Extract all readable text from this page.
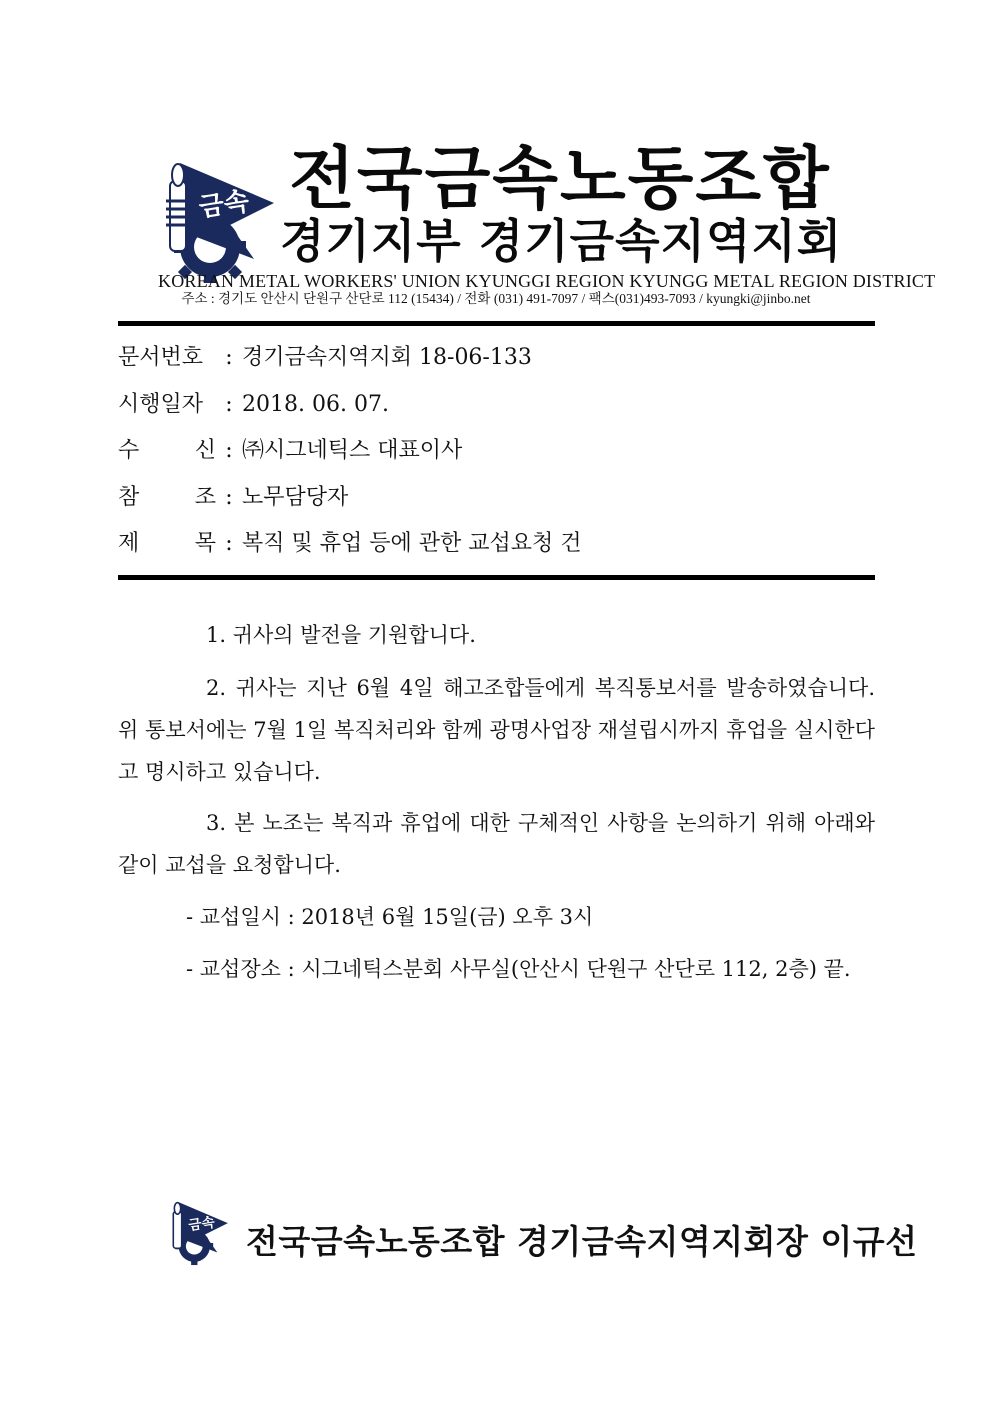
금속 전국금속노동조합
경기지부 경기금속지역지회
KOREAN METAL WORKERS' UNION KYUNGGI REGION KYUNGG METAL REGION DISTRICT
주소 : 경기도 안산시 단원구 산단로 112 (15434) / 전화 (031) 491-7097 / 팩스(031)493-7093 / kyungki@jinbo.net
문서번호 : 경기금속지역지회 18-06-133
시행일자 : 2018. 06. 07.
수	신 : ㈜시그네틱스 대표이사
참	조 : 노무담당자
제	목 : 복직 및 휴업 등에 관한 교섭요청 건
1. 귀사의 발전을 기원합니다.
2. 귀사는 지난 6월 4일 해고조합들에게 복직통보서를 발송하였습니다. 위 통보서에는 7월 1일 복직처리와 함께 광명사업장 재설립시까지 휴업을 실시한다고 명시하고 있습니다.
3. 본 노조는 복직과 휴업에 대한 구체적인 사항을 논의하기 위해 아래와 같이 교섭을 요청합니다.
- 교섭일시 : 2018년 6월 15일(금) 오후 3시
- 교섭장소 : 시그네틱스분회 사무실(안산시 단원구 산단로 112, 2층) 끝.
금속 전국금속노동조합 경기금속지역지회장 이규선
